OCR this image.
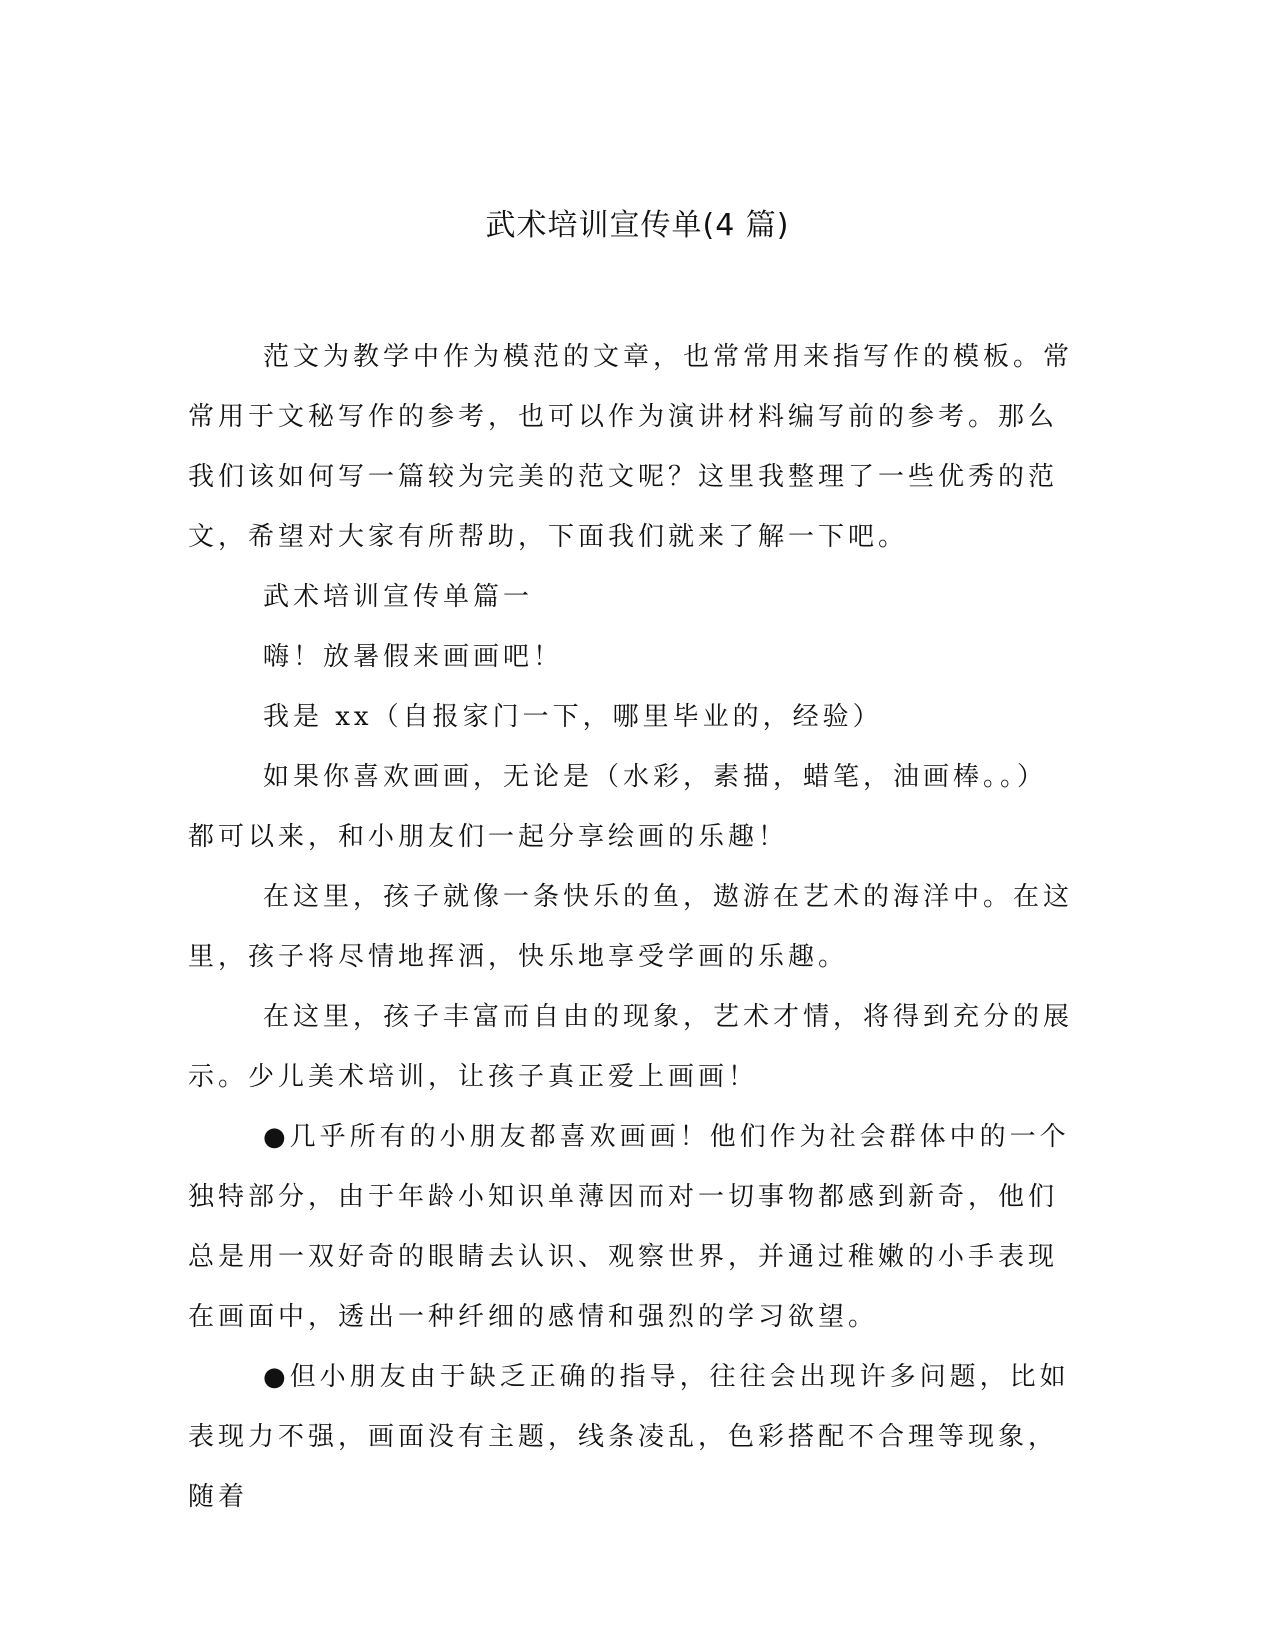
武术培训宣传单(4 篇)

范文为教学中作为模范的文章，也常常用来指写作的模板。常常用于文秘写作的参考，也可以作为演讲材料编写前的参考。那么我们该如何写一篇较为完美的范文呢？这里我整理了一些优秀的范文，希望对大家有所帮助，下面我们就来了解一下吧。

武术培训宣传单篇一

嗨！放暑假来画画吧！

我是 xx（自报家门一下，哪里毕业的，经验）

如果你喜欢画画，无论是（水彩，素描，蜡笔，油画棒。。）都可以来，和小朋友们一起分享绘画的乐趣！

在这里，孩子就像一条快乐的鱼，遨游在艺术的海洋中。在这里，孩子将尽情地挥洒，快乐地享受学画的乐趣。

在这里，孩子丰富而自由的现象，艺术才情，将得到充分的展示。少儿美术培训，让孩子真正爱上画画！

●几乎所有的小朋友都喜欢画画！他们作为社会群体中的一个独特部分，由于年龄小知识单薄因而对一切事物都感到新奇，他们总是用一双好奇的眼睛去认识、观察世界，并通过稚嫩的小手表现在画面中，透出一种纤细的感情和强烈的学习欲望。

●但小朋友由于缺乏正确的指导，往往会出现许多问题，比如表现力不强，画面没有主题，线条凌乱，色彩搭配不合理等现象，随着
